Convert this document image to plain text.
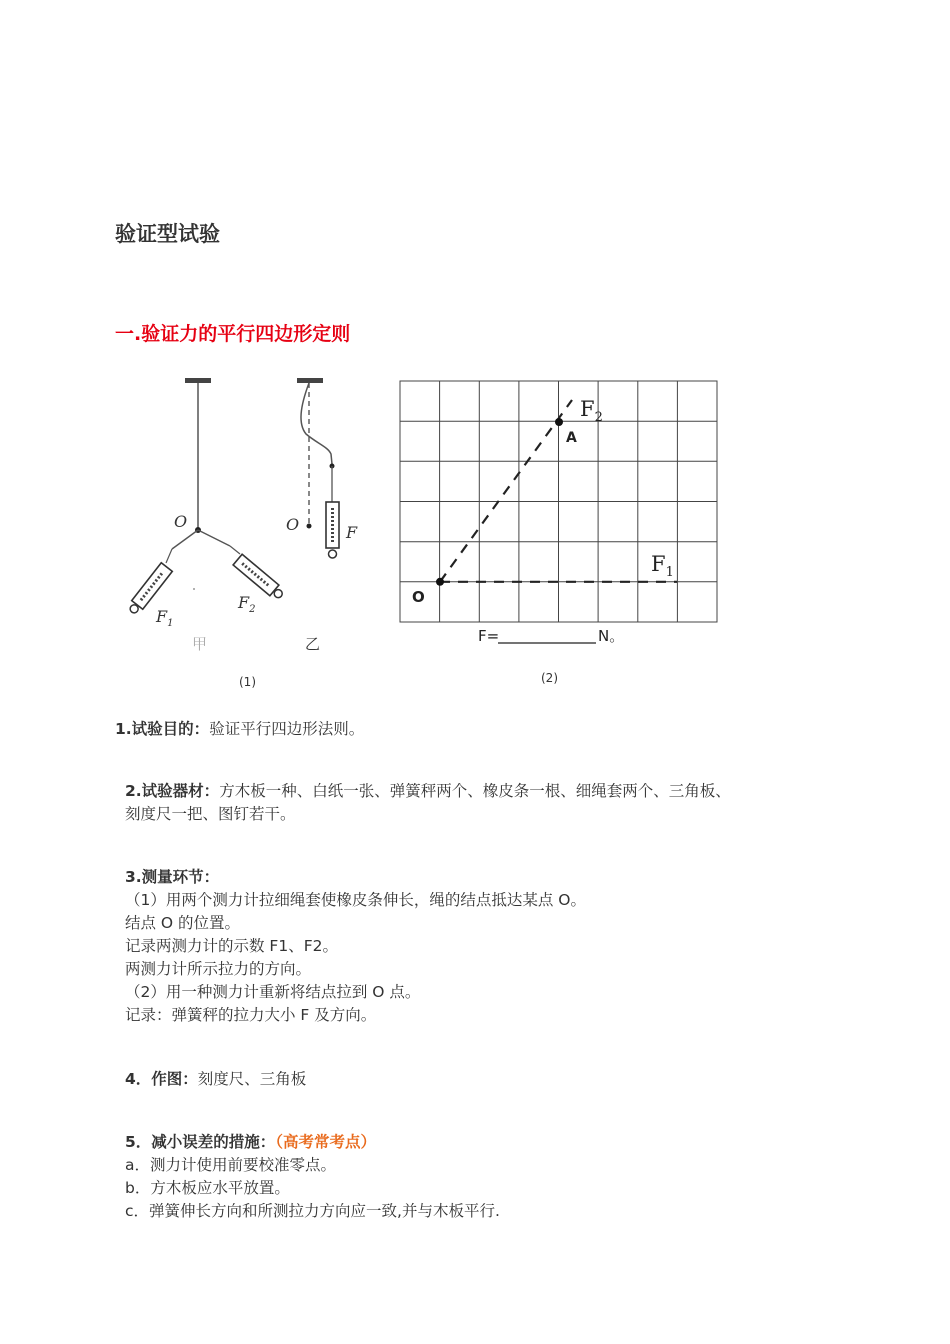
验证型试验
一.验证力的平行四边形定则
O
$F_1$
$F_2$
甲
O	F
乙
(1)
$F_2$
A
$F_1$
O
F=	N。
(2)
1.试验目的：验证平行四边形法则。
2.试验器材：方木板一种、白纸一张、弹簧秤两个、橡皮条一根、细绳套两个、三角板、
刻度尺一把、图钉若干。
3.测量环节：
（1）用两个测力计拉细绳套使橡皮条伸长，绳的结点抵达某点 O。
结点 O 的位置。
记录两测力计的示数 F1、F2。
两测力计所示拉力的方向。
（2）用一种测力计重新将结点拉到 O 点。
记录：弹簧秤的拉力大小 F 及方向。
4．作图：刻度尺、三角板
5．减小误差的措施：（高考常考点）
a．测力计使用前要校准零点。
b．方木板应水平放置。
c．弹簧伸长方向和所测拉力方向应一致,并与木板平行.
